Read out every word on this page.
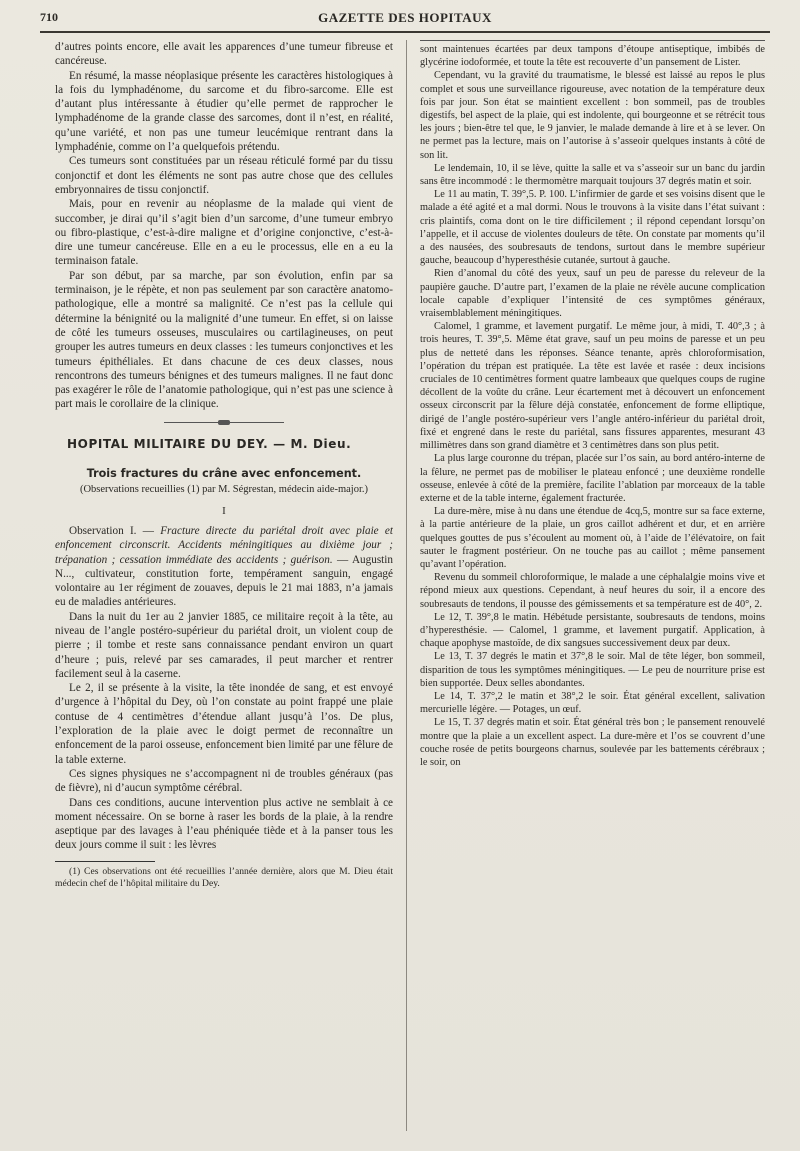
710	GAZETTE DES HOPITAUX

d’autres points encore, elle avait les apparences d’une tumeur fibreuse et cancéreuse.

En résumé, la masse néoplasique présente les caractères histologiques à la fois du lymphadénome, du sarcome et du fibro-sarcome. Elle est d’autant plus intéressante à étudier qu’elle permet de rapprocher le lymphadénome de la grande classe des sarcomes, dont il n’est, en réalité, qu’une variété, et non pas une tumeur leucémique rentrant dans la lymphadénie, comme on l’a quelquefois prétendu.

Ces tumeurs sont constituées par un réseau réticulé formé par du tissu conjonctif et dont les éléments ne sont pas autre chose que des cellules embryonnaires de tissu conjonctif.

Mais, pour en revenir au néoplasme de la malade qui vient de succomber, je dirai qu’il s’agit bien d’un sarcome, d’une tumeur embryo ou fibro-plastique, c’est-à-dire maligne et d’origine conjonctive, c’est-à-dire une tumeur cancéreuse. Elle en a eu le processus, elle en a eu la terminaison fatale.

Par son début, par sa marche, par son évolution, enfin par sa terminaison, je le répète, et non pas seulement par son caractère anatomo-pathologique, elle a montré sa malignité. Ce n’est pas la cellule qui détermine la bénignité ou la malignité d’une tumeur. En effet, si on laisse de côté les tumeurs osseuses, musculaires ou cartilagineuses, on peut grouper les autres tumeurs en deux classes : les tumeurs conjonctives et les tumeurs épithéliales. Et dans chacune de ces deux classes, nous rencontrons des tumeurs bénignes et des tumeurs malignes. Il ne faut donc pas exagérer le rôle de l’anatomie pathologique, qui n’est pas une science à part mais le corollaire de la clinique.

HOPITAL MILITAIRE DU DEY. — M. Dieu.
Trois fractures du crâne avec enfoncement.
(Observations recueillies (1) par M. Ségrestan, médecin aide-major.)
I

Observation I. — Fracture directe du pariétal droit avec plaie et enfoncement circonscrit. Accidents méningitiques au dixième jour ; trépanation ; cessation immédiate des accidents ; guérison. — Augustin N..., cultivateur, constitution forte, tempérament sanguin, engagé volontaire au 1er régiment de zouaves, depuis le 21 mai 1883, n’a jamais eu de maladies antérieures.

Dans la nuit du 1er au 2 janvier 1885, ce militaire reçoit à la tête, au niveau de l’angle postéro-supérieur du pariétal droit, un violent coup de pierre ; il tombe et reste sans connaissance pendant environ un quart d’heure ; puis, relevé par ses camarades, il peut marcher et rentrer facilement seul à la caserne.

Le 2, il se présente à la visite, la tête inondée de sang, et est envoyé d’urgence à l’hôpital du Dey, où l’on constate au point frappé une plaie contuse de 4 centimètres d’étendue allant jusqu’à l’os. De plus, l’exploration de la plaie avec le doigt permet de reconnaître un enfoncement de la paroi osseuse, enfoncement bien limité par une fêlure de la table externe.

Ces signes physiques ne s’accompagnent ni de troubles généraux (pas de fièvre), ni d’aucun symptôme cérébral.

Dans ces conditions, aucune intervention plus active ne semblait à ce moment nécessaire. On se borne à raser les bords de la plaie, à la rendre aseptique par des lavages à l’eau phéniquée tiède et à la panser tous les deux jours comme il suit : les lèvres

(1) Ces observations ont été recueillies l’année dernière, alors que M. Dieu était médecin chef de l’hôpital militaire du Dey.

sont maintenues écartées par deux tampons d’étoupe antiseptique, imbibés de glycérine iodoformée, et toute la tête est recouverte d’un pansement de Lister.

Cependant, vu la gravité du traumatisme, le blessé est laissé au repos le plus complet et sous une surveillance rigoureuse, avec notation de la température deux fois par jour. Son état se maintient excellent : bon sommeil, pas de troubles digestifs, bel aspect de la plaie, qui est indolente, qui bourgeonne et se rétrécit tous les jours ; bien-être tel que, le 9 janvier, le malade demande à lire et à se lever. On ne permet pas la lecture, mais on l’autorise à s’asseoir quelques instants à côté de son lit.

Le lendemain, 10, il se lève, quitte la salle et va s’asseoir sur un banc du jardin sans être incommodé : le thermomètre marquait toujours 37 degrés matin et soir.

Le 11 au matin, T. 39°,5. P. 100. L’infirmier de garde et ses voisins disent que le malade a été agité et a mal dormi. Nous le trouvons à la visite dans l’état suivant : cris plaintifs, coma dont on le tire difficilement ; il répond cependant lorsqu’on l’appelle, et il accuse de violentes douleurs de tête. On constate par moments qu’il a des nausées, des soubresauts de tendons, surtout dans le membre supérieur gauche, beaucoup d’hyperesthésie cutanée, surtout à gauche.

Rien d’anomal du côté des yeux, sauf un peu de paresse du releveur de la paupière gauche. D’autre part, l’examen de la plaie ne révèle aucune complication locale capable d’expliquer l’intensité de ces symptômes généraux, vraisemblablement méningitiques.

Calomel, 1 gramme, et lavement purgatif. Le même jour, à midi, T. 40°,3 ; à trois heures, T. 39°,5. Même état grave, sauf un peu moins de paresse et un peu plus de netteté dans les réponses. Séance tenante, après chloroformisation, l’opération du trépan est pratiquée. La tête est lavée et rasée : deux incisions cruciales de 10 centimètres forment quatre lambeaux que quelques coups de rugine décollent de la voûte du crâne. Leur écartement met à découvert un enfoncement osseux circonscrit par la fêlure déjà constatée, enfoncement de forme elliptique, dirigé de l’angle postéro-supérieur vers l’angle antéro-inférieur du pariétal droit, fixé et engrené dans le reste du pariétal, sans fissures apparentes, mesurant 43 millimètres dans son grand diamètre et 3 centimètres dans son plus petit.

La plus large couronne du trépan, placée sur l’os sain, au bord antéro-interne de la fêlure, ne permet pas de mobiliser le plateau enfoncé ; une deuxième rondelle osseuse, enlevée à côté de la première, facilite l’ablation par morceaux de la table externe et de la table interne, également fracturée.

La dure-mère, mise à nu dans une étendue de 4cq,5, montre sur sa face externe, à la partie antérieure de la plaie, un gros caillot adhérent et dur, et en arrière quelques gouttes de pus s’écoulent au moment où, à l’aide de l’élévatoire, on fait sauter le fragment postérieur. On ne touche pas au caillot ; même pansement qu’avant l’opération.

Revenu du sommeil chloroformique, le malade a une céphalalgie moins vive et répond mieux aux questions. Cependant, à neuf heures du soir, il a encore des soubresauts de tendons, il pousse des gémissements et sa température est de 40°, 2.

Le 12, T. 39°,8 le matin. Hébétude persistante, soubresauts de tendons, moins d’hyperesthésie. — Calomel, 1 gramme, et lavement purgatif. Application, à chaque apophyse mastoïde, de dix sangsues successivement deux par deux.

Le 13, T. 37 degrés le matin et 37°,8 le soir. Mal de tête léger, bon sommeil, disparition de tous les symptômes méningitiques. — Le peu de nourriture prise est bien supportée. Deux selles abondantes.

Le 14, T. 37°,2 le matin et 38°,2 le soir. État général excellent, salivation mercurielle légère. — Potages, un œuf.

Le 15, T. 37 degrés matin et soir. État général très bon ; le pansement renouvelé montre que la plaie a un excellent aspect. La dure-mère et l’os se couvrent d’une couche rosée de petits bourgeons charnus, soulevée par les battements cérébraux ; le soir, on
